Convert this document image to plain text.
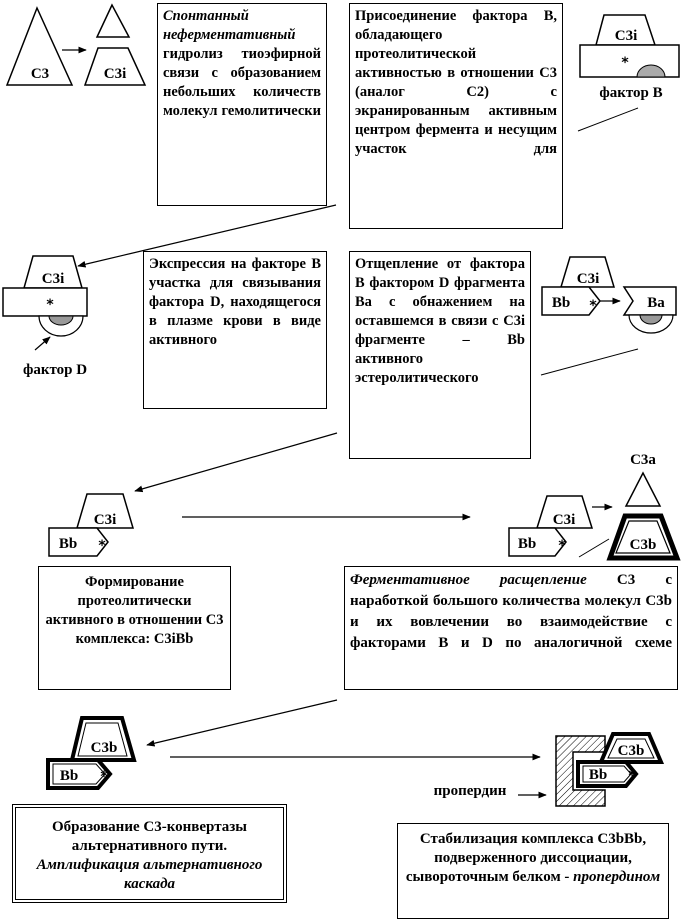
C3	C3i
C3i
*
фактор В
C3i
*
фактор D
C3i
Bb *	Ba
C3i
Bb *
C3i
Bb *
C3a
C3b
C3b
Bb *
C3b
Bb *
пропердин
Спонтанный неферментативный гидролиз тиоэфирной связи с образованием небольших количеств молекул гемолитически
Присоединение фактора В, обладающего протеолитической активностью в отношении С3 (аналог С2) с экранированным активным центром фермента и несущим участок для
Экспрессия на факторе В участка для связывания фактора D, находящегося в плазме крови в виде активного
Отщепление от фактора В фактором D фрагмента Ва с обнажением на оставшемся в связи с С3i фрагменте – Вb активного эстеролитического
Формирование протеолитически активного в отношении С3 комплекса: С3iBb
Ферментативное расщепление С3 с наработкой большого количества молекул С3b и их вовлечении во взаимодействие с факторами В и D по аналогичной схеме
Образование С3-конвертазы альтернативного пути. Амплификация альтернативного каскада
Стабилизация комплекса С3bBb, подверженного диссоциации, сывороточным белком - пропердином
